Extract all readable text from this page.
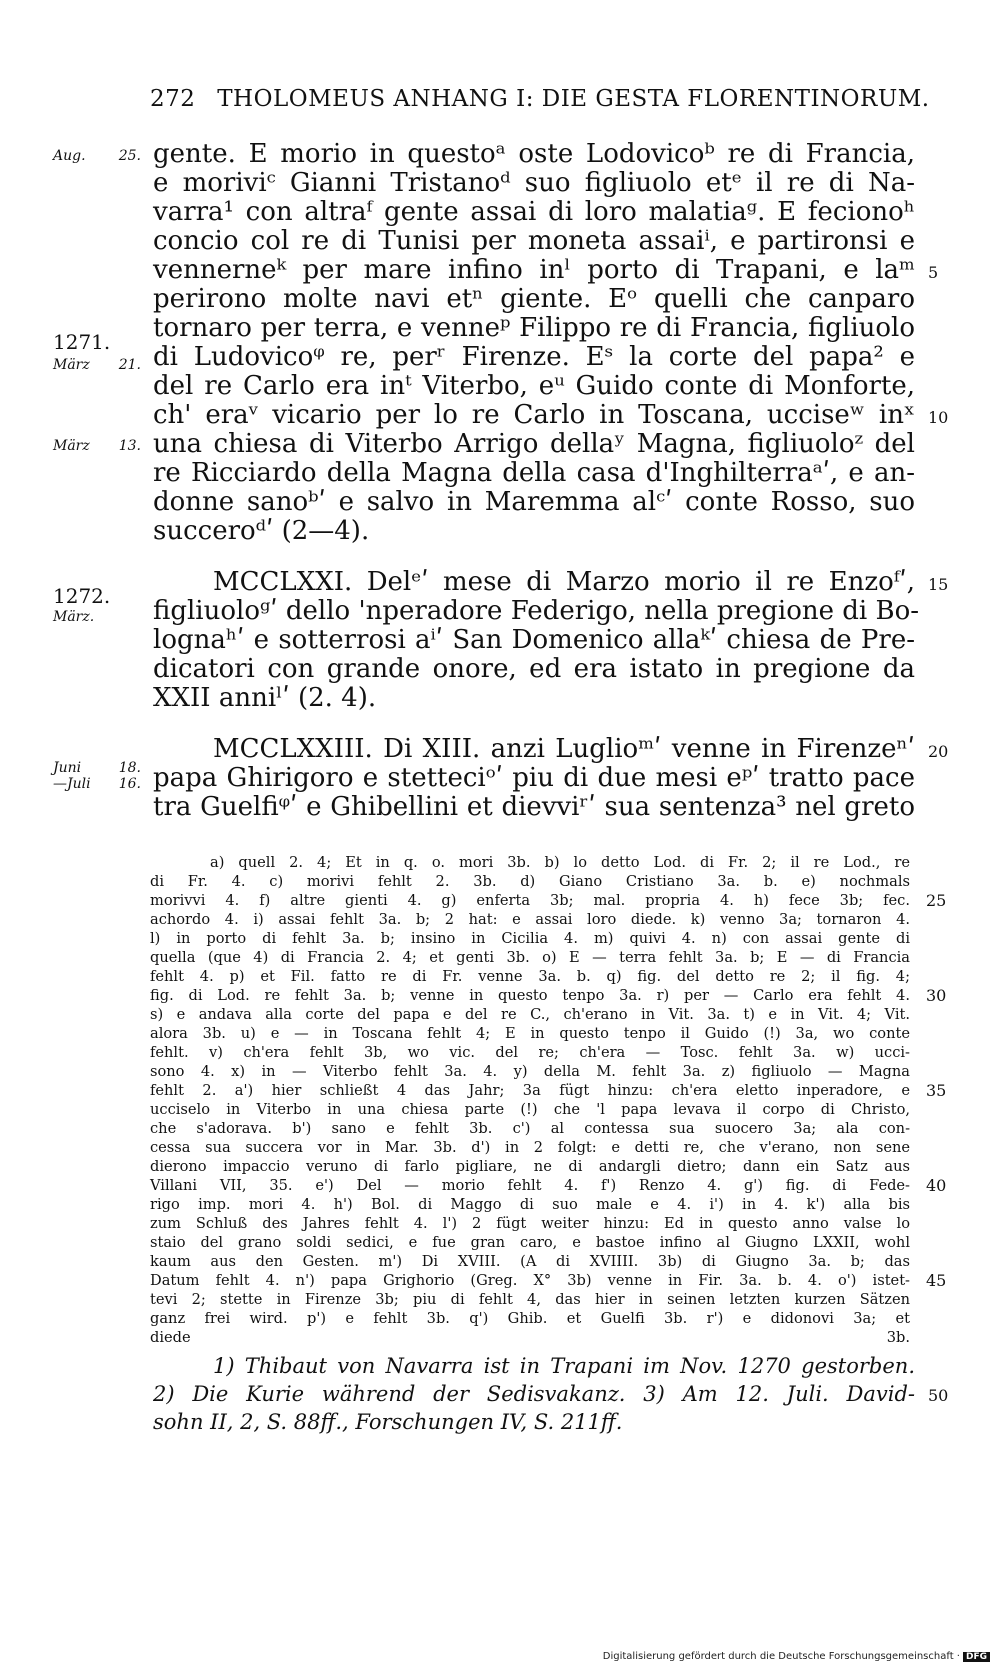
272 THOLOMEUS ANHANG I: DIE GESTA FLORENTINORUM.
Aug. 25. gente. E morio in questoᵃ oste Lodovicoᵇ re di Francia,
e moriviᶜ Gianni Tristanoᵈ suo figliuolo etᵉ il re di Na-
varra¹ con altraᶠ gente assai di loro malatiaᵍ. E fecionoʰ
concio col re di Tunisi per moneta assaiⁱ, e partironsi e
vennerneᵏ per mare infino inˡ porto di Trapani, e laᵐ 5
perirono molte navi etⁿ giente. Eᵒ quelli che canparo
1271.	tornaro per terra, e venneᵖ Filippo re di Francia, figliuolo
März 21. di Ludovicoᵠ re, perʳ Firenze. Eˢ la corte del papa² e
del re Carlo era inᵗ Viterbo, eᵘ Guido conte di Monforte,
ch' eraᵛ vicario per lo re Carlo in Toscana, ucciseʷ inˣ 10
März 13. una chiesa di Viterbo Arrigo dellaʸ Magna, figliuoloᶻ del
re Ricciardo della Magna della casa d'Inghilterraᵃʹ, e an-
donne sanoᵇʹ e salvo in Maremma alᶜʹ conte Rosso, suo
succeroᵈʹ (2—4).
1272.	MCCLXXI. Delᵉʹ mese di Marzo morio il re Enzoᶠʹ, 15
März.	figliuoloᵍʹ dello 'nperadore Federigo, nella pregione di Bo-
lognaʰʹ e sotterrosi aⁱʹ San Domenico allaᵏʹ chiesa de Pre-
dicatori con grande onore, ed era istato in pregione da
XXII anniˡʹ (2. 4).
MCCLXXIII. Di XIII. anzi Luglioᵐʹ venne in Firenzeⁿʹ 20
Juni 18.
—Juli 16. papa Ghirigoro e stetteciᵒʹ piu di due mesi eᵖʹ tratto pace
tra Guelfiᵠʹ e Ghibellini et dievviʳʹ sua sentenza³ nel greto
a) quell 2. 4; Et in q. o. mori 3b. b) lo detto Lod. di Fr. 2; il re Lod., re
di Fr. 4. c) morivi fehlt 2. 3b. d) Giano Cristiano 3a. b. e) nochmals
morivvi 4. f) altre gienti 4. g) enferta 3b; mal. propria 4. h) fece 3b; fec. 25
achordo 4. i) assai fehlt 3a. b; 2 hat: e assai loro diede. k) venno 3a; tornaron 4.
l) in porto di fehlt 3a. b; insino in Cicilia 4. m) quivi 4. n) con assai gente di
quella (que 4) di Francia 2. 4; et genti 3b. o) E — terra fehlt 3a. b; E — di Francia
fehlt 4. p) et Fil. fatto re di Fr. venne 3a. b. q) fig. del detto re 2; il fig. 4;
fig. di Lod. re fehlt 3a. b; venne in questo tenpo 3a. r) per — Carlo era fehlt 4. 30
s) e andava alla corte del papa e del re C., ch'erano in Vit. 3a. t) e in Vit. 4; Vit.
alora 3b. u) e — in Toscana fehlt 4; E in questo tenpo il Guido (!) 3a, wo conte
fehlt. v) ch'era fehlt 3b, wo vic. del re; ch'era — Tosc. fehlt 3a. w) ucci-
sono 4. x) in — Viterbo fehlt 3a. 4. y) della M. fehlt 3a. z) figliuolo — Magna
fehlt 2. a') hier schließt 4 das Jahr; 3a fügt hinzu: ch'era eletto inperadore, e 35
ucciselo in Viterbo in una chiesa parte (!) che 'l papa levava il corpo di Christo,
che s'adorava. b') sano e fehlt 3b. c') al contessa sua suocero 3a; ala con-
cessa sua succera vor in Mar. 3b. d') in 2 folgt: e detti re, che v'erano, non sene
dierono impaccio veruno di farlo pigliare, ne di andargli dietro; dann ein Satz aus
Villani VII, 35. e') Del — morio fehlt 4. f') Renzo 4. g') fig. di Fede- 40
rigo imp. mori 4. h') Bol. di Maggo di suo male e 4. i') in 4. k') alla bis
zum Schluß des Jahres fehlt 4. l') 2 fügt weiter hinzu: Ed in questo anno valse lo
staio del grano soldi sedici, e fue gran caro, e bastoe infino al Giugno LXXII, wohl
kaum aus den Gesten. m') Di XVIII. (A di XVIIII. 3b) di Giugno 3a. b; das
Datum fehlt 4. n') papa Grighorio (Greg. X° 3b) venne in Fir. 3a. b. 4. o') istet- 45
tevi 2; stette in Firenze 3b; piu di fehlt 4, das hier in seinen letzten kurzen Sätzen
ganz frei wird. p') e fehlt 3b. q') Ghib. et Guelfi 3b. r') e didonovi 3a; et
diede 3b.
1) Thibaut von Navarra ist in Trapani im Nov. 1270 gestorben.
2) Die Kurie während der Sedisvakanz. 3) Am 12. Juli. David- 50
sohn II, 2, S. 88ff., Forschungen IV, S. 211ff.
Digitalisierung gefördert durch die Deutsche Forschungsgemeinschaft · DFG
